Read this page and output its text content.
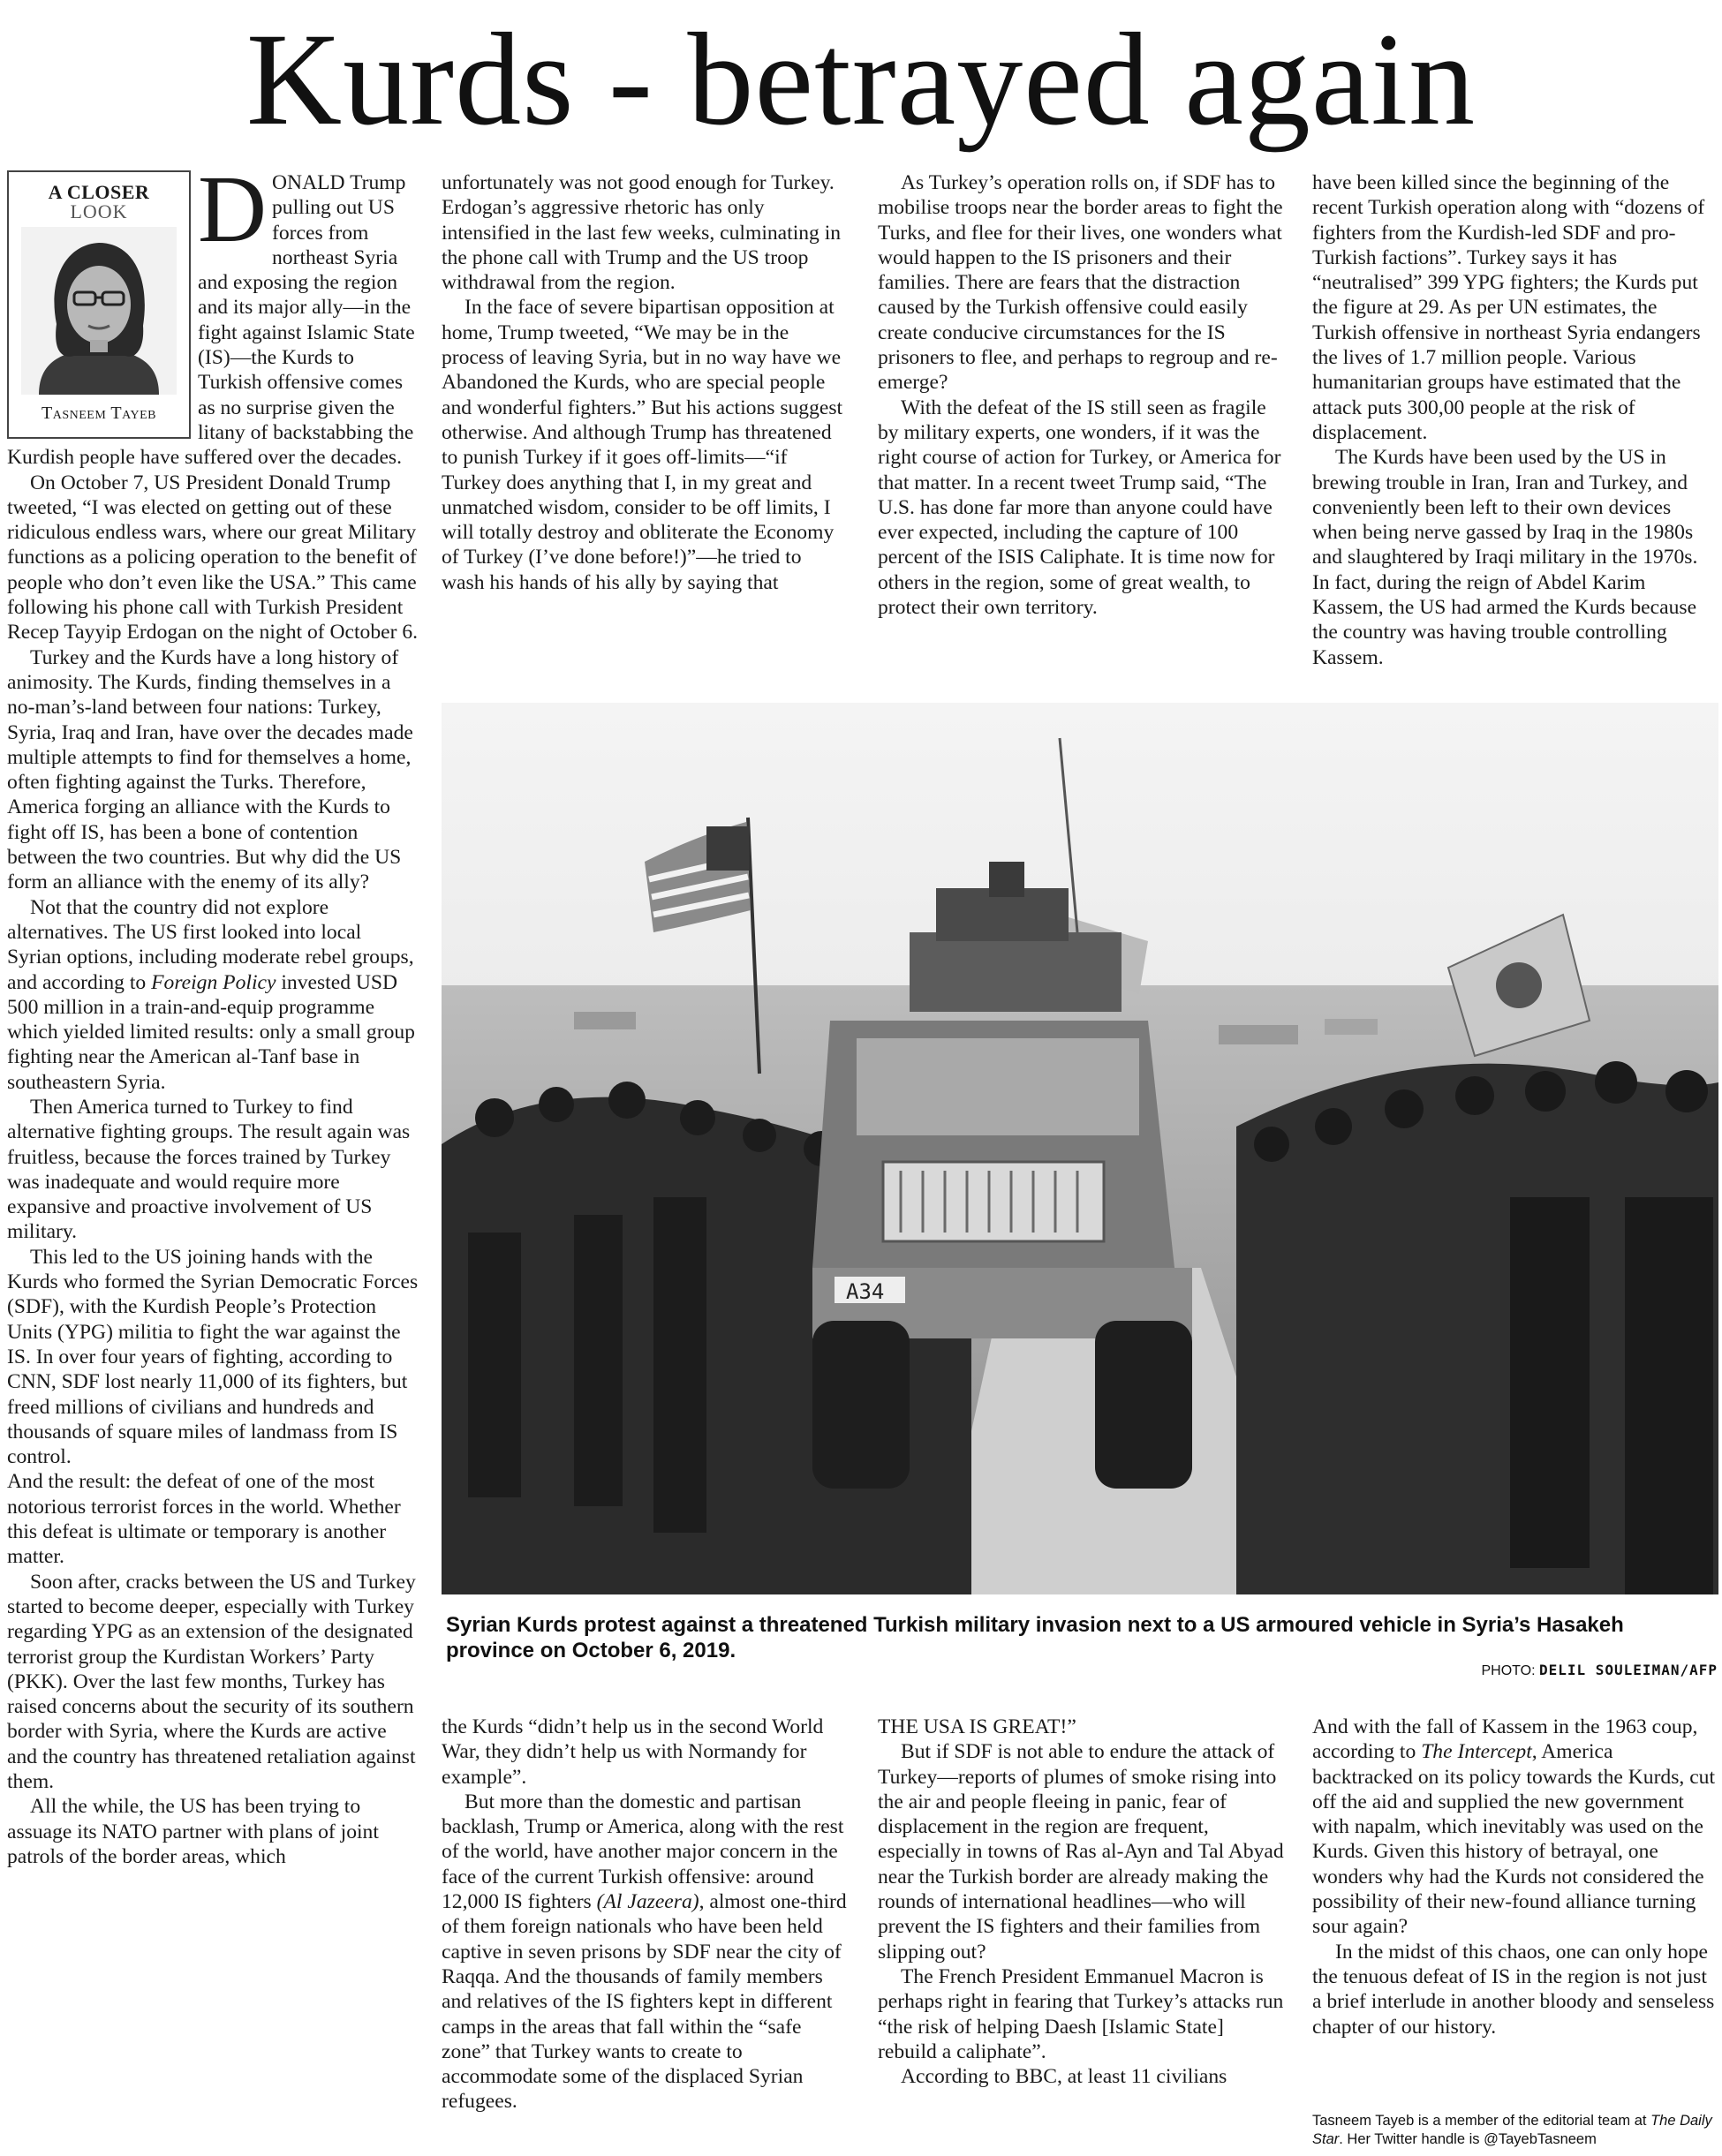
Kurds - betrayed again
A CLOSER
LOOK
Tasneem Tayeb
D ONALD Trump pulling out US forces from northeast Syria and exposing the region and its major ally—in the fight against Islamic State (IS)—the Kurds to Turkish offensive comes as no surprise given the litany of backstabbing the Kurdish people have suffered over the decades.

On October 7, US President Donald Trump tweeted, “I was elected on getting out of these ridiculous endless wars, where our great Military functions as a policing operation to the benefit of people who don’t even like the USA.” This came following his phone call with Turkish President Recep Tayyip Erdogan on the night of October 6.

Turkey and the Kurds have a long history of animosity. The Kurds, finding themselves in a no-man’s-land between four nations: Turkey, Syria, Iraq and Iran, have over the decades made multiple attempts to find for themselves a home, often fighting against the Turks. Therefore, America forging an alliance with the Kurds to fight off IS, has been a bone of contention between the two countries. But why did the US form an alliance with the enemy of its ally?

Not that the country did not explore alternatives. The US first looked into local Syrian options, including moderate rebel groups, and according to Foreign Policy invested USD 500 million in a train-and-equip programme which yielded limited results: only a small group fighting near the American al-Tanf base in southeastern Syria.

Then America turned to Turkey to find alternative fighting groups. The result again was fruitless, because the forces trained by Turkey was inadequate and would require more expansive and proactive involvement of US military.

This led to the US joining hands with the Kurds who formed the Syrian Democratic Forces (SDF), with the Kurdish People’s Protection Units (YPG) militia to fight the war against the IS. In over four years of fighting, according to CNN, SDF lost nearly 11,000 of its fighters, but freed millions of civilians and hundreds and thousands of square miles of landmass from IS control.

And the result: the defeat of one of the most notorious terrorist forces in the world. Whether this defeat is ultimate or temporary is another matter.

Soon after, cracks between the US and Turkey started to become deeper, especially with Turkey regarding YPG as an extension of the designated terrorist group the Kurdistan Workers’ Party (PKK). Over the last few months, Turkey has raised concerns about the security of its southern border with Syria, where the Kurds are active and the country has threatened retaliation against them.

All the while, the US has been trying to assuage its NATO partner with plans of joint patrols of the border areas, which

unfortunately was not good enough for Turkey. Erdogan’s aggressive rhetoric has only intensified in the last few weeks, culminating in the phone call with Trump and the US troop withdrawal from the region.

In the face of severe bipartisan opposition at home, Trump tweeted, “We may be in the process of leaving Syria, but in no way have we Abandoned the Kurds, who are special people and wonderful fighters.” But his actions suggest otherwise. And although Trump has threatened to punish Turkey if it goes off-limits—“if Turkey does anything that I, in my great and unmatched wisdom, consider to be off limits, I will totally destroy and obliterate the Economy of Turkey (I’ve done before!)”—he tried to wash his hands of his ally by saying that

As Turkey’s operation rolls on, if SDF has to mobilise troops near the border areas to fight the Turks, and flee for their lives, one wonders what would happen to the IS prisoners and their families. There are fears that the distraction caused by the Turkish offensive could easily create conducive circumstances for the IS prisoners to flee, and perhaps to regroup and re-emerge?

With the defeat of the IS still seen as fragile by military experts, one wonders, if it was the right course of action for Turkey, or America for that matter. In a recent tweet Trump said, “The U.S. has done far more than anyone could have ever expected, including the capture of 100 percent of the ISIS Caliphate. It is time now for others in the region, some of great wealth, to protect their own territory.

have been killed since the beginning of the recent Turkish operation along with “dozens of fighters from the Kurdish-led SDF and pro-Turkish factions”. Turkey says it has “neutralised” 399 YPG fighters; the Kurds put the figure at 29. As per UN estimates, the Turkish offensive in northeast Syria endangers the lives of 1.7 million people. Various humanitarian groups have estimated that the attack puts 300,00 people at the risk of displacement.

The Kurds have been used by the US in brewing trouble in Iran, Iran and Turkey, and conveniently been left to their own devices when being nerve gassed by Iraq in the 1980s and slaughtered by Iraqi military in the 1970s. In fact, during the reign of Abdel Karim Kassem, the US had armed the Kurds because the country was having trouble controlling Kassem.

A34
Syrian Kurds protest against a threatened Turkish military invasion next to a US armoured vehicle in Syria’s Hasakeh province on October 6, 2019.
PHOTO: DELIL SOULEIMAN/AFP

the Kurds “didn’t help us in the second World War, they didn’t help us with Normandy for example”.

But more than the domestic and partisan backlash, Trump or America, along with the rest of the world, have another major concern in the face of the current Turkish offensive: around 12,000 IS fighters (Al Jazeera), almost one-third of them foreign nationals who have been held captive in seven prisons by SDF near the city of Raqqa. And the thousands of family members and relatives of the IS fighters kept in different camps in the areas that fall within the “safe zone” that Turkey wants to create to accommodate some of the displaced Syrian refugees.

THE USA IS GREAT!”

But if SDF is not able to endure the attack of Turkey—reports of plumes of smoke rising into the air and people fleeing in panic, fear of displacement in the region are frequent, especially in towns of Ras al-Ayn and Tal Abyad near the Turkish border are already making the rounds of international headlines—who will prevent the IS fighters and their families from slipping out?

The French President Emmanuel Macron is perhaps right in fearing that Turkey’s attacks run “the risk of helping Daesh [Islamic State] rebuild a caliphate”.

According to BBC, at least 11 civilians

And with the fall of Kassem in the 1963 coup, according to The Intercept, America backtracked on its policy towards the Kurds, cut off the aid and supplied the new government with napalm, which inevitably was used on the Kurds. Given this history of betrayal, one wonders why had the Kurds not considered the possibility of their new-found alliance turning sour again?

In the midst of this chaos, one can only hope the tenuous defeat of IS in the region is not just a brief interlude in another bloody and senseless chapter of our history.

Tasneem Tayeb is a member of the editorial team at The Daily Star. Her Twitter handle is @TayebTasneem
